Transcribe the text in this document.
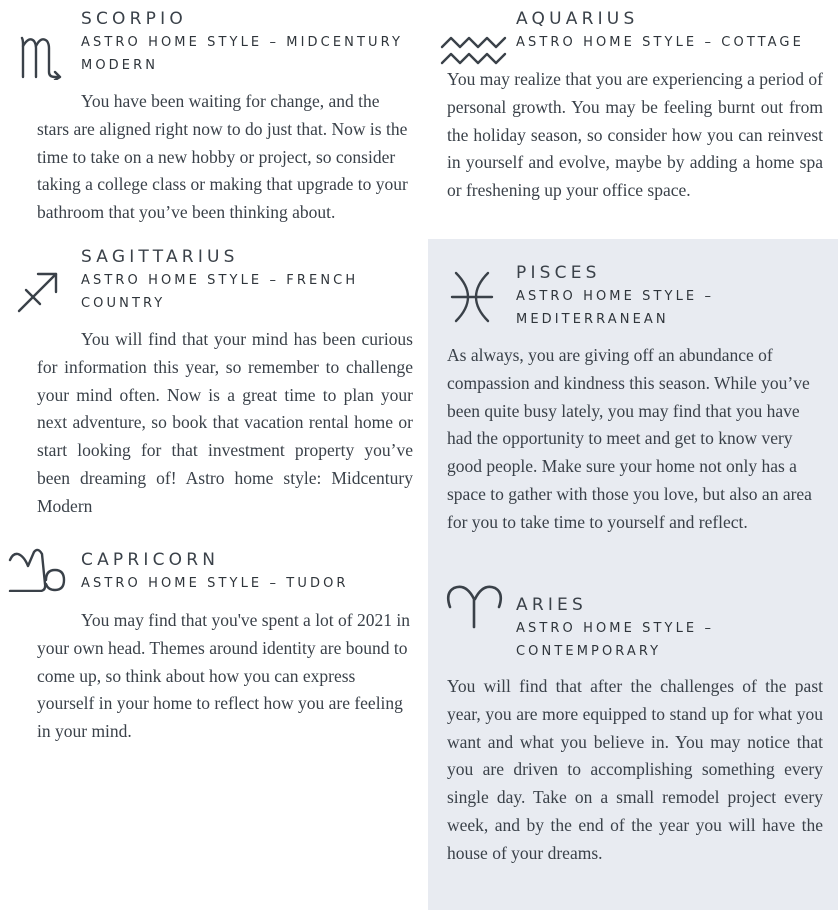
SCORPIO
ASTRO HOME STYLE – MIDCENTURY MODERN

You have been waiting for change, and the stars are aligned right now to do just that. Now is the time to take on a new hobby or project, so consider taking a college class or making that upgrade to your bathroom that you’ve been thinking about.

SAGITTARIUS
ASTRO HOME STYLE – FRENCH COUNTRY

You will find that your mind has been curious for information this year, so remember to challenge your mind often. Now is a great time to plan your next adventure, so book that vacation rental home or start looking for that investment property you’ve been dreaming of! Astro home style: Midcentury Modern

CAPRICORN
ASTRO HOME STYLE – TUDOR

You may find that you've spent a lot of 2021 in your own head. Themes around identity are bound to come up, so think about how you can express yourself in your home to reflect how you are feeling in your mind.

AQUARIUS
ASTRO HOME STYLE – COTTAGE

You may realize that you are experiencing a period of personal growth. You may be feeling burnt out from the holiday season, so consider how you can reinvest in yourself and evolve, maybe by adding a home spa or freshening up your office space.

PISCES
ASTRO HOME STYLE – MEDITERRANEAN

As always, you are giving off an abundance of compassion and kindness this season. While you’ve been quite busy lately, you may find that you have had the opportunity to meet and get to know very good people. Make sure your home not only has a space to gather with those you love, but also an area for you to take time to yourself and reflect.

ARIES
ASTRO HOME STYLE – CONTEMPORARY

You will find that after the challenges of the past year, you are more equipped to stand up for what you want and what you believe in. You may notice that you are driven to accomplishing something every single day. Take on a small remodel project every week, and by the end of the year you will have the house of your dreams.
